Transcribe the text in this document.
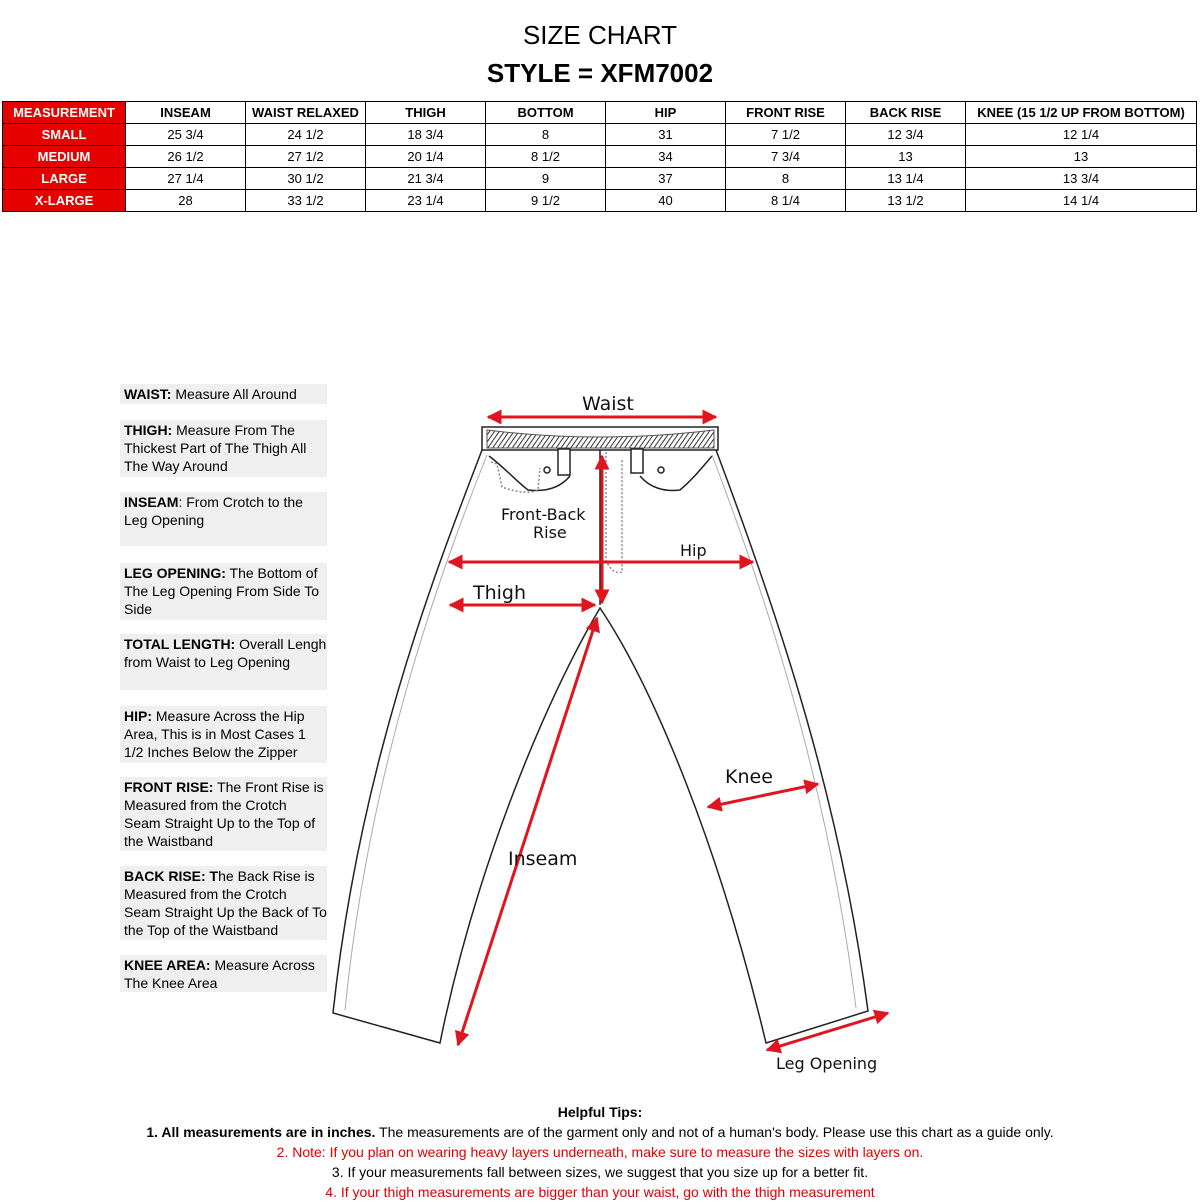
SIZE CHART
STYLE = XFM7002
MEASUREMENT	INSEAM	WAIST RELAXED	THIGH	BOTTOM	HIP	FRONT RISE	BACK RISE	KNEE (15 1/2 UP FROM BOTTOM)
SMALL	25 3/4	24 1/2	18 3/4	8	31	7 1/2	12 3/4	12 1/4
MEDIUM	26 1/2	27 1/2	20 1/4	8 1/2	34	7 3/4	13	13
LARGE	27 1/4	30 1/2	21 3/4	9	37	8	13 1/4	13 3/4
X-LARGE	28	33 1/2	23 1/4	9 1/2	40	8 1/4	13 1/2	14 1/4
WAIST: Measure All Around
THIGH: Measure From The Thickest Part of The Thigh All The Way Around
INSEAM: From Crotch to the Leg Opening
LEG OPENING: The Bottom of The Leg Opening From Side To Side
TOTAL LENGTH: Overall Lengh from Waist to Leg Opening
HIP: Measure Across the Hip Area, This is in Most Cases 1 1/2 Inches Below the Zipper
FRONT RISE: The Front Rise is Measured from the Crotch Seam Straight Up to the Top of the Waistband
BACK RISE: The Back Rise is Measured from the Crotch Seam Straight Up the Back of To the Top of the Waistband
KNEE AREA: Measure Across The Knee Area
Waist
Front-Back
Rise
Hip
Thigh
Knee
Inseam
Leg Opening
Helpful Tips:
1. All measurements are in inches. The measurements are of the garment only and not of a human's body. Please use this chart as a guide only.
2. Note: If you plan on wearing heavy layers underneath, make sure to measure the sizes with layers on.
3. If your measurements fall between sizes, we suggest that you size up for a better fit.
4. If your thigh measurements are bigger than your waist, go with the thigh measurement
